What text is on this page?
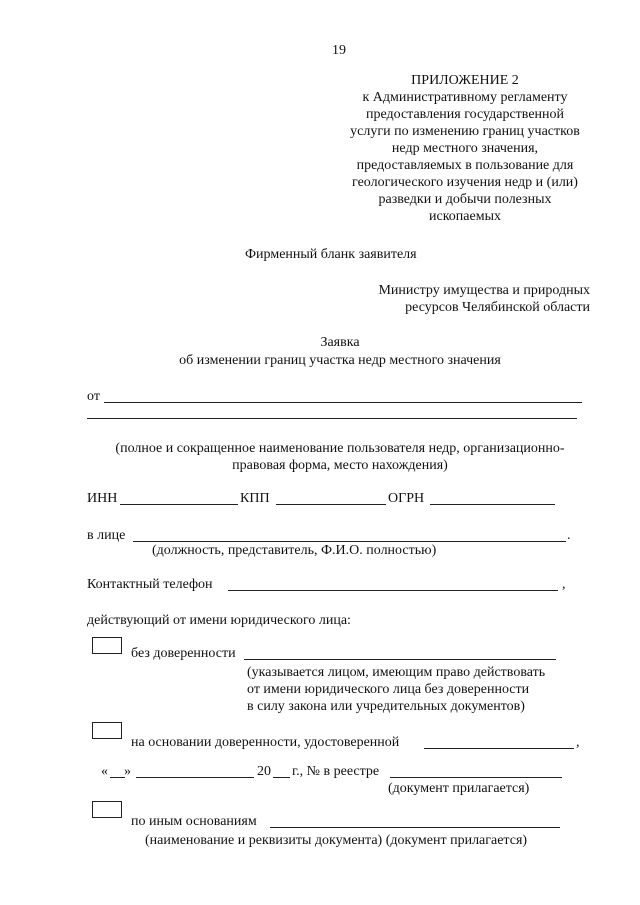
19
ПРИЛОЖЕНИЕ 2
к Административному регламенту
предоставления государственной
услуги по изменению границ участков
недр местного значения,
предоставляемых в пользование для
геологического изучения недр и (или)
разведки и добычи полезных
ископаемых
Фирменный бланк заявителя
Министру имущества и природных
ресурсов Челябинской области
Заявка
об изменении границ участка недр местного значения
от
(полное и сокращенное наименование пользователя недр, организационно-
правовая форма, место нахождения)
ИНН	КПП	ОГРН
в лице	.
(должность, представитель, Ф.И.О. полностью)
Контактный телефон	,
действующий от имени юридического лица:
без доверенности
(указывается лицом, имеющим право действовать
от имени юридического лица без доверенности
в силу закона или учредительных документов)
на основании доверенности, удостоверенной	,
« »	20 г., № в реестре
(документ прилагается)
по иным основаниям
(наименование и реквизиты документа) (документ прилагается)
